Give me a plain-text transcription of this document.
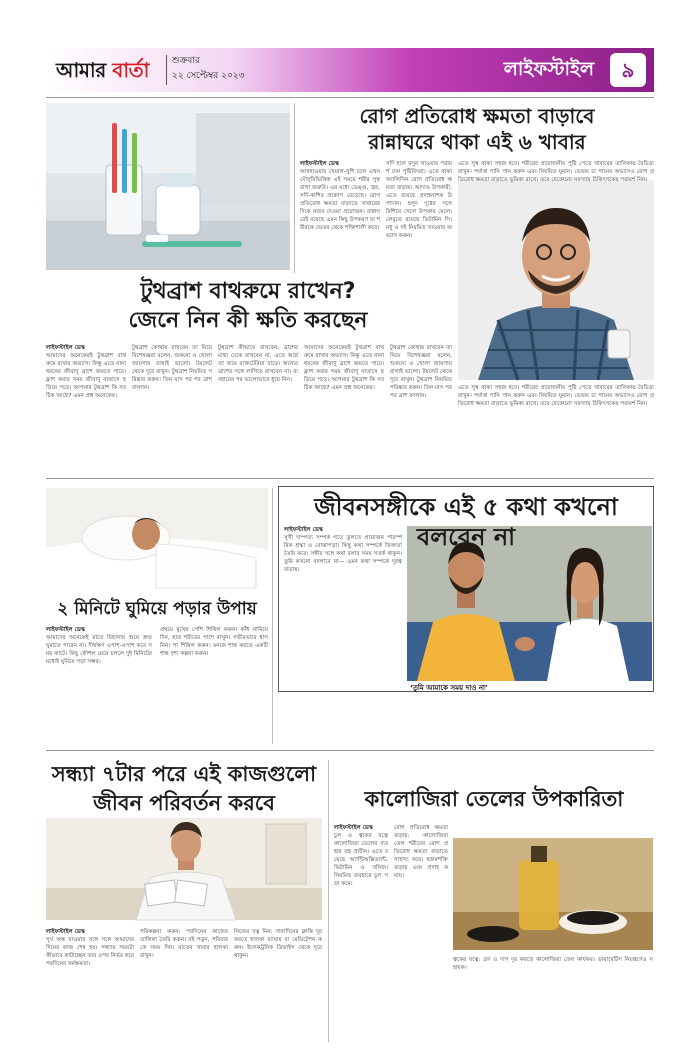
আমার বার্তা	শুক্রবার
২২ সেপ্টেম্বর ২০২৩	লাইফস্টাইল	৯
রোগ প্রতিরোধ ক্ষমতা বাড়াবে
রান্নাঘরে থাকা এই ৬ খাবার
লাইফস্টাইল ডেস্ক
আবহাওয়ার খেয়াল-খুশি চলে এখন মৌসুমিভিত্তিক এই সময়ে শরীর সুস্থ রাখা জরুরি। এর মধ্যে ডেঙ্গু, জ্বর, সর্দি-কাশির প্রকোপ বেড়েছে। রোগ প্রতিরোধ ক্ষমতা বাড়াতে খাবারের দিকে নজর দেওয়া প্রয়োজন। রান্নাঘরেই রয়েছে এমন কিছু উপকরণ যা শরীরকে ভেতর থেকে শক্তিশালী করে।
সর্দি হলে রসুন খাওয়ার পরামর্শ দেন পুষ্টিবিদরা। এতে থাকা অ্যালিসিন রোগ প্রতিরোধ ক্ষমতা বাড়ায়। আদাও উপকারী, এতে রয়েছে প্রদাহনাশক উপাদান। হলুদ দুধের সঙ্গে মিশিয়ে খেলে উপকার মেলে। লেবুতে রয়েছে ভিটামিন সি। মধু ও দই নিয়মিত খাওয়ার অভ্যাস করুন।
এতে সুস্থ থাকা সহজ হবে। শরীরের প্রয়োজনীয় পুষ্টি পেতে খাবারের তালিকায় বৈচিত্র্য রাখুন। পর্যাপ্ত পানি পান করুন এবং নিয়মিত ঘুমান। ভেষজ চা পানের অভ্যাসও রোগ প্রতিরোধ ক্ষমতা বাড়াতে ভূমিকা রাখে। তবে যেকোনো সমস্যায় চিকিৎসকের পরামর্শ নিন।
এতে সুস্থ থাকা সহজ হবে। শরীরের প্রয়োজনীয় পুষ্টি পেতে খাবারের তালিকায় বৈচিত্র্য রাখুন। পর্যাপ্ত পানি পান করুন এবং নিয়মিত ঘুমান। ভেষজ চা পানের অভ্যাসও রোগ প্রতিরোধ ক্ষমতা বাড়াতে ভূমিকা রাখে। তবে যেকোনো সমস্যায় চিকিৎসকের পরামর্শ নিন।
টুথব্রাশ বাথরুমে রাখেন?
জেনে নিন কী ক্ষতি করছেন
লাইফস্টাইল ডেস্ক
আমাদের অনেকেরই টুথব্রাশ বাথরুমে রাখার অভ্যাস। কিন্তু এতে নানা ধরনের জীবাণু ব্রাশে জমতে পারে। ফ্লাশ করার সময় জীবাণু বাতাসে ছড়িয়ে পড়ে। আপনার টুথব্রাশ কি সব ঠিক আছে? এমন প্রশ্ন অনেকের।
টুথব্রাশ কোথায় রাখবেন তা নিয়ে বিশেষজ্ঞরা বলেন, শুকনো ও খোলা জায়গায় রাখাই ভালো। টয়লেট থেকে দূরে রাখুন। টুথব্রাশ নিয়মিত পরিষ্কার করুন। তিন মাস পর পর ব্রাশ বদলান।
টুথব্রাশ কীভাবে রাখবেন: ব্রাশের মাথা ঢেকে রাখবেন না, এতে আর্দ্রতা জমে ব্যাকটেরিয়া বাড়ে। অন্যের ব্রাশের সঙ্গে লাগিয়ে রাখবেন না। ব্যবহারের পর ভালোভাবে ধুয়ে নিন।
আমাদের অনেকেরই টুথব্রাশ বাথরুমে রাখার অভ্যাস। কিন্তু এতে নানা ধরনের জীবাণু ব্রাশে জমতে পারে। ফ্লাশ করার সময় জীবাণু বাতাসে ছড়িয়ে পড়ে। আপনার টুথব্রাশ কি সব ঠিক আছে? এমন প্রশ্ন অনেকের।
টুথব্রাশ কোথায় রাখবেন তা নিয়ে বিশেষজ্ঞরা বলেন, শুকনো ও খোলা জায়গায় রাখাই ভালো। টয়লেট থেকে দূরে রাখুন। টুথব্রাশ নিয়মিত পরিষ্কার করুন। তিন মাস পর পর ব্রাশ বদলান।
জীবনসঙ্গীকে এই ৫ কথা কখনো বলবেন না
লাইফস্টাইল ডেস্ক
সুখী দাম্পত্য সম্পর্ক গড়ে তুলতে প্রয়োজন পারস্পরিক শ্রদ্ধা ও বোঝাপড়া। কিছু কথা সম্পর্কে তিক্ততা তৈরি করে। সঙ্গীর সঙ্গে কথা বলার সময় সতর্ক থাকুন। তুমি কখনো বদলাবে না— এমন কথা সম্পর্কে দূরত্ব বাড়ায়।
‘তুমি আমাকে সময় দাও না’
২ মিনিটে ঘুমিয়ে পড়ার উপায়
লাইফস্টাইল ডেস্ক
আমাদের অনেকেই রাতে বিছানায় শুয়ে দ্রুত ঘুমাতে পারেন না। দীর্ঘক্ষণ এপাশ-ওপাশ করে সময় কাটে। কিছু কৌশল মেনে চললে দুই মিনিটের মধ্যেই ঘুমিয়ে পড়া সম্ভব।
প্রথমে মুখের পেশি শিথিল করুন। কাঁধ নামিয়ে দিন, হাত শরীরের পাশে রাখুন। গভীরভাবে শ্বাস নিন। পা শিথিল করুন। মনকে শান্ত করতে একটি শান্ত দৃশ্য কল্পনা করুন।
সন্ধ্যা ৭টার পরে এই কাজগুলো
জীবন পরিবর্তন করবে
লাইফস্টাইল ডেস্ক
সূর্য অস্ত যাওয়ার সঙ্গে সঙ্গে আমাদের দিনের কাজ শেষ হয়। সন্ধ্যার সময়টা কীভাবে কাটাচ্ছেন তার ওপর নির্ভর করে পরদিনের কর্মক্ষমতা।
পরিকল্পনা করুন: পরদিনের কাজের তালিকা তৈরি করুন। বই পড়ুন, পরিবারকে সময় দিন। রাতের খাবার হালকা রাখুন।
নিজের যত্ন নিন: সারাদিনের ক্লান্তি দূর করতে হালকা ব্যায়াম বা মেডিটেশন করুন। ইলেকট্রনিক ডিভাইস থেকে দূরে থাকুন।
কালোজিরা তেলের উপকারিতা
লাইফস্টাইল ডেস্ক
চুল ও ত্বকের যত্নে কালোজিরা তেলের ব্যবহার বহু প্রাচীন। এতে রয়েছে অ্যান্টিঅক্সিড্যান্ট, ভিটামিন ও খনিজ। নিয়মিত ব্যবহারে চুল পড়া কমে।
রোগ প্রতিরোধ ক্ষমতা বাড়ায়: কালোজিরা তেল শরীরের রোগ প্রতিরোধ ক্ষমতা বাড়াতে সাহায্য করে। হজমশক্তি বাড়ায় এবং প্রদাহ কমায়।
ত্বকের যত্নে: ব্রণ ও দাগ দূর করতে কালোজিরা তেল কার্যকর। ডায়াবেটিস নিয়ন্ত্রণেও সহায়ক।
